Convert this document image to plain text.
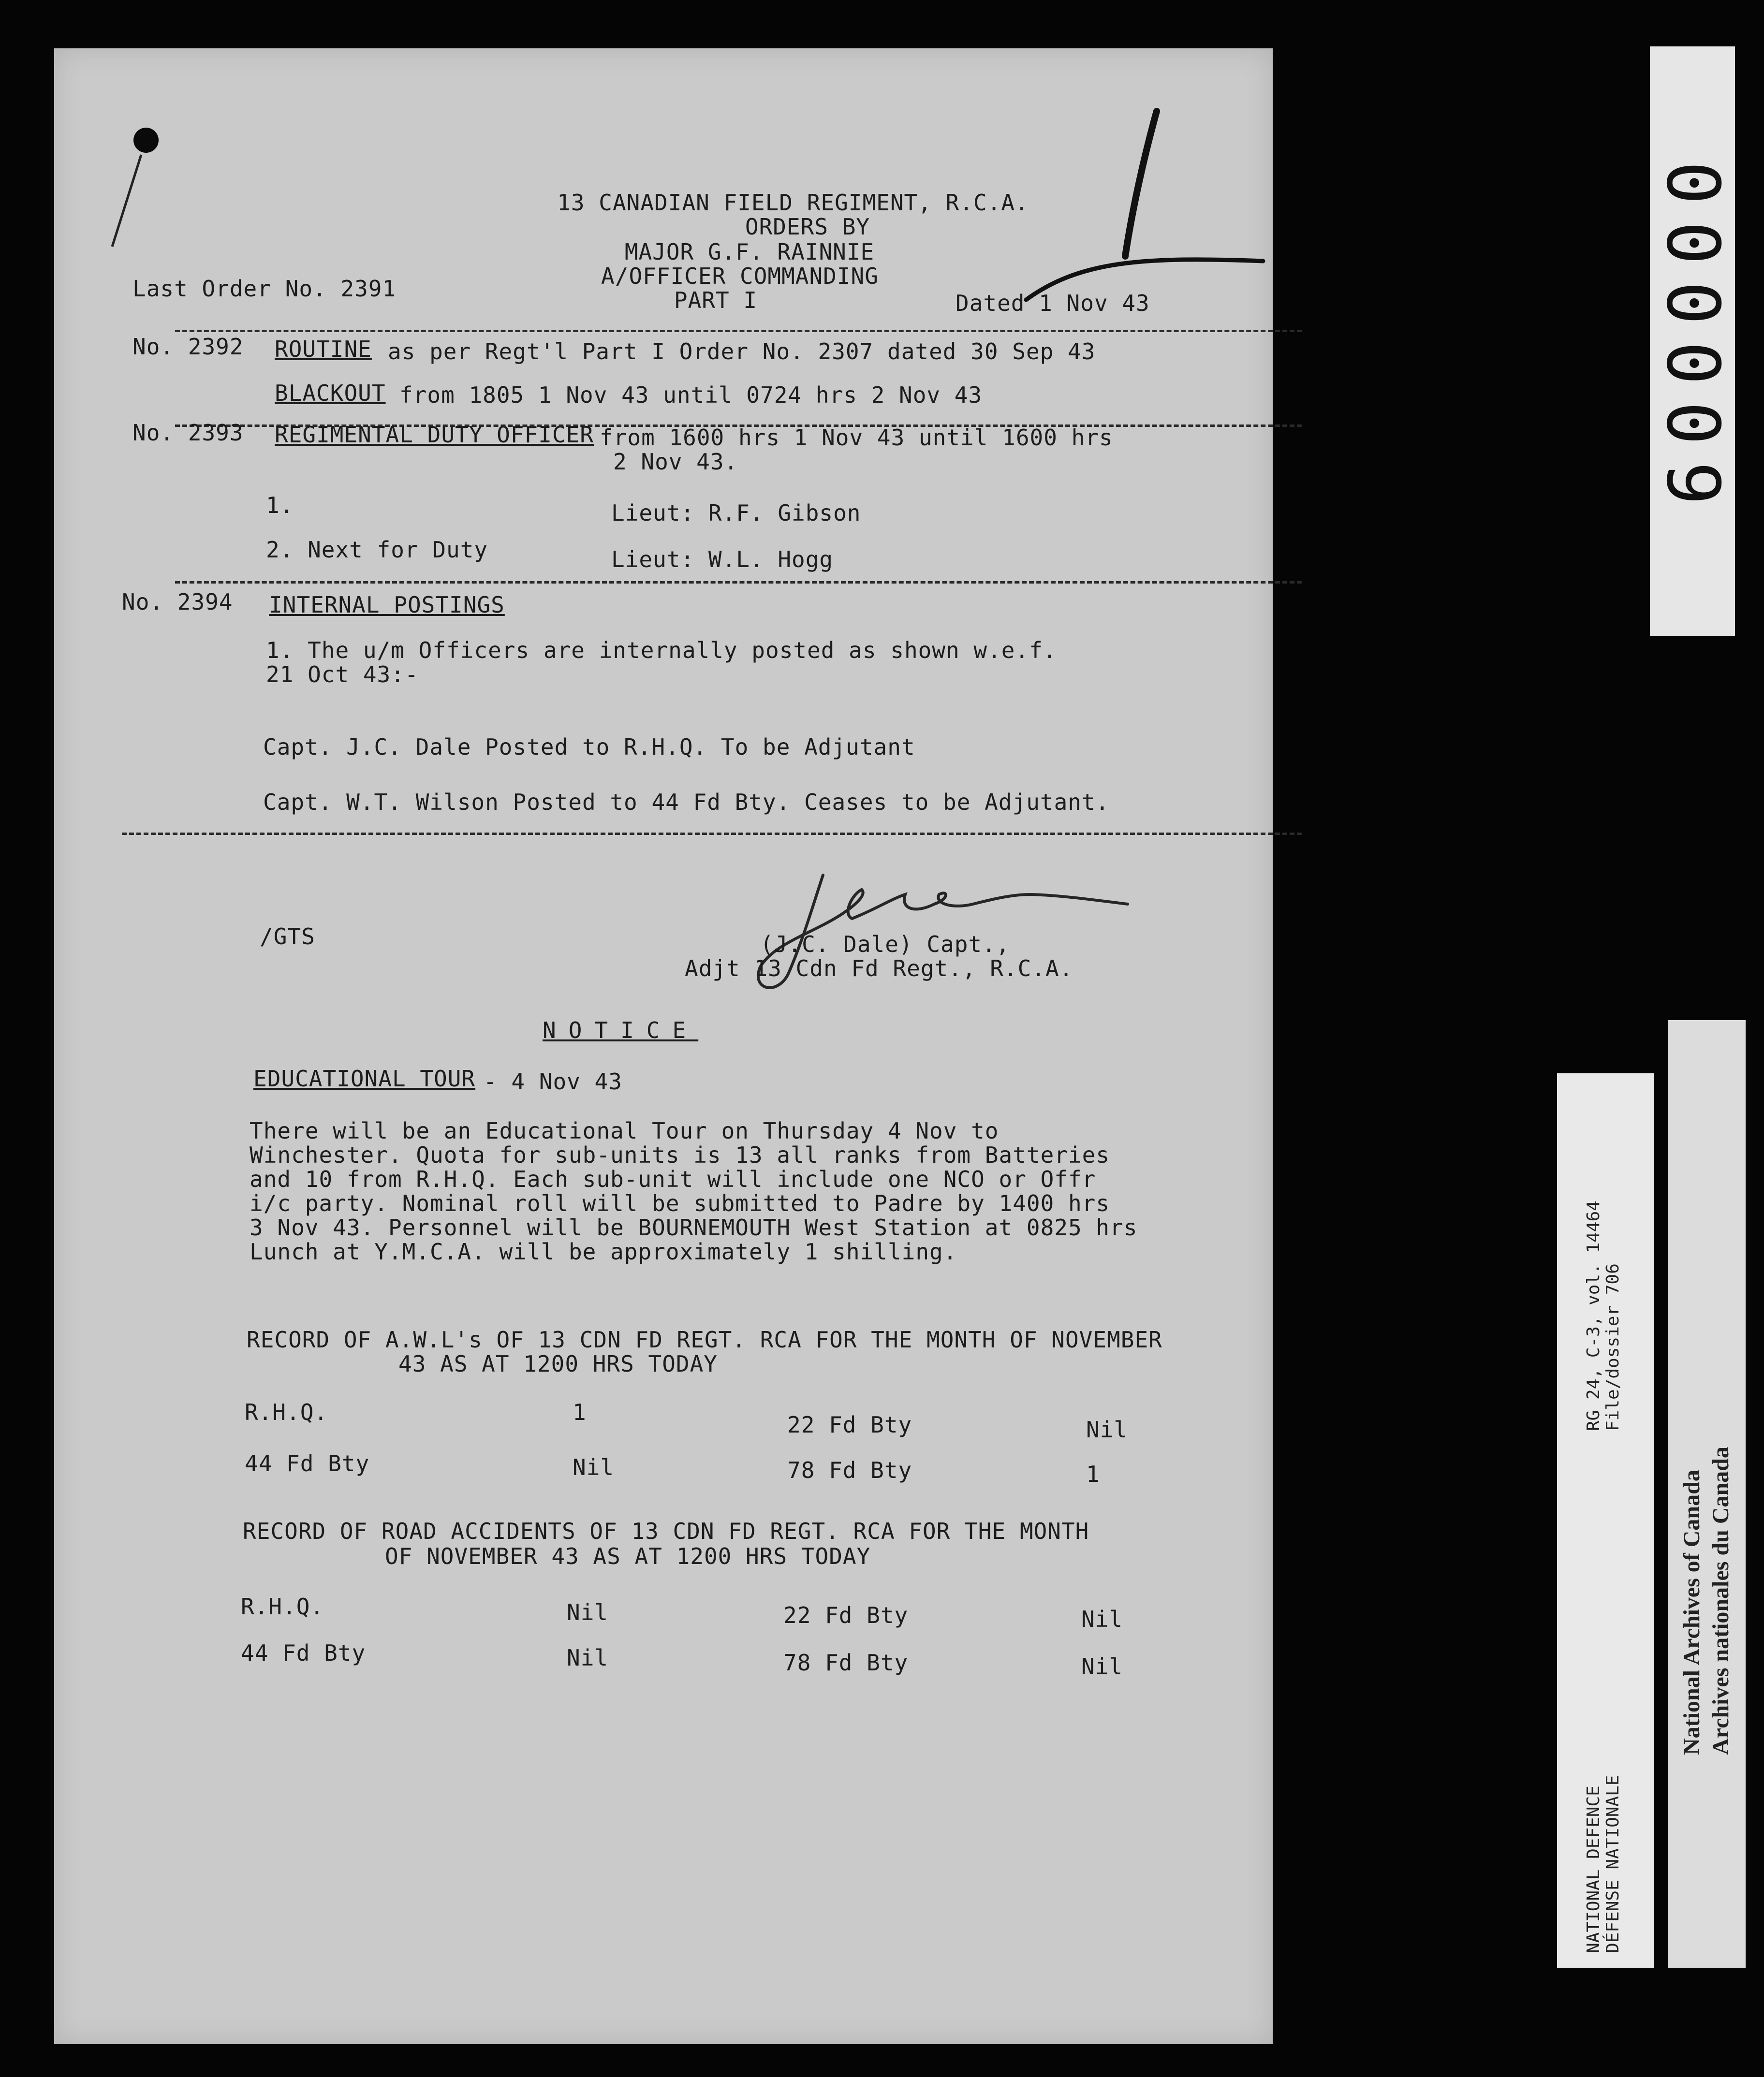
13 CANADIAN FIELD REGIMENT, R.C.A.
ORDERS BY
MAJOR G.F. RAINNIE
A/OFFICER COMMANDING
PART I
Last Order No. 2391
Dated 1 Nov 43
No. 2392 ROUTINE as per Regt'l Part I Order No. 2307 dated 30 Sep 43
BLACKOUT from 1805 1 Nov 43 until 0724 hrs 2 Nov 43
No. 2393 REGIMENTAL DUTY OFFICER from 1600 hrs 1 Nov 43 until 1600 hrs
2 Nov 43.
1.	Lieut: R.F. Gibson
2. Next for Duty	Lieut: W.L. Hogg
No. 2394 INTERNAL POSTINGS
1. The u/m Officers are internally posted as shown w.e.f.
21 Oct 43:-
Capt. J.C. Dale Posted to R.H.Q. To be Adjutant
Capt. W.T. Wilson Posted to 44 Fd Bty. Ceases to be Adjutant.
/GTS	(J.C. Dale) Capt.,
Adjt 13 Cdn Fd Regt., R.C.A.
NOTICE
EDUCATIONAL TOUR - 4 Nov 43
There will be an Educational Tour on Thursday 4 Nov to
Winchester. Quota for sub-units is 13 all ranks from Batteries
and 10 from R.H.Q. Each sub-unit will include one NCO or Offr
i/c party. Nominal roll will be submitted to Padre by 1400 hrs
3 Nov 43. Personnel will be BOURNEMOUTH West Station at 0825 hrs
Lunch at Y.M.C.A. will be approximately 1 shilling.
RECORD OF A.W.L's OF 13 CDN FD REGT. RCA FOR THE MONTH OF NOVEMBER
43 AS AT 1200 HRS TODAY
R.H.Q.	1	22 Fd Bty	Nil
44 Fd Bty	Nil	78 Fd Bty	1
RECORD OF ROAD ACCIDENTS OF 13 CDN FD REGT. RCA FOR THE MONTH
OF NOVEMBER 43 AS AT 1200 HRS TODAY
R.H.Q.	Nil	22 Fd Bty	Nil
44 Fd Bty	Nil	78 Fd Bty	Nil
000009
RG 24, C-3, vol. 14464 File/dossier 706
NATIONAL DEFENCE DÉFENSE NATIONALE
National Archives of Canada Archives nationales du Canada
